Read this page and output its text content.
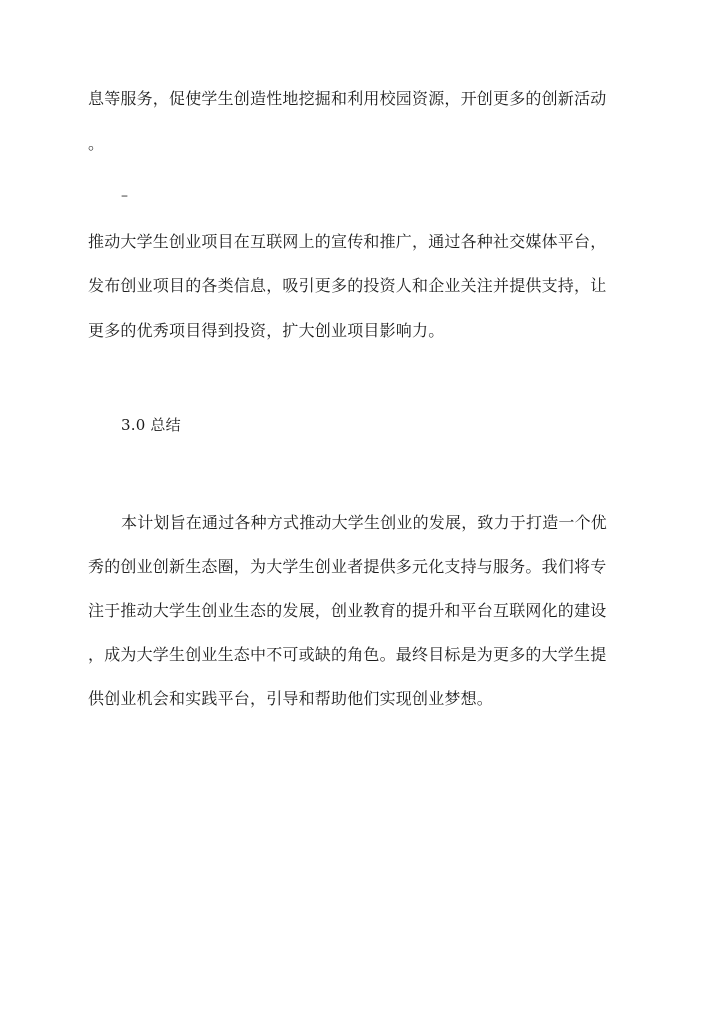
息等服务，促使学生创造性地挖掘和利用校园资源，开创更多的创新活动
。
–
推动大学生创业项目在互联网上的宣传和推广，通过各种社交媒体平台，
发布创业项目的各类信息，吸引更多的投资人和企业关注并提供支持，让
更多的优秀项目得到投资，扩大创业项目影响力。
3.0 总结
本计划旨在通过各种方式推动大学生创业的发展，致力于打造一个优
秀的创业创新生态圈，为大学生创业者提供多元化支持与服务。我们将专
注于推动大学生创业生态的发展，创业教育的提升和平台互联网化的建设
，成为大学生创业生态中不可或缺的角色。最终目标是为更多的大学生提
供创业机会和实践平台，引导和帮助他们实现创业梦想。
